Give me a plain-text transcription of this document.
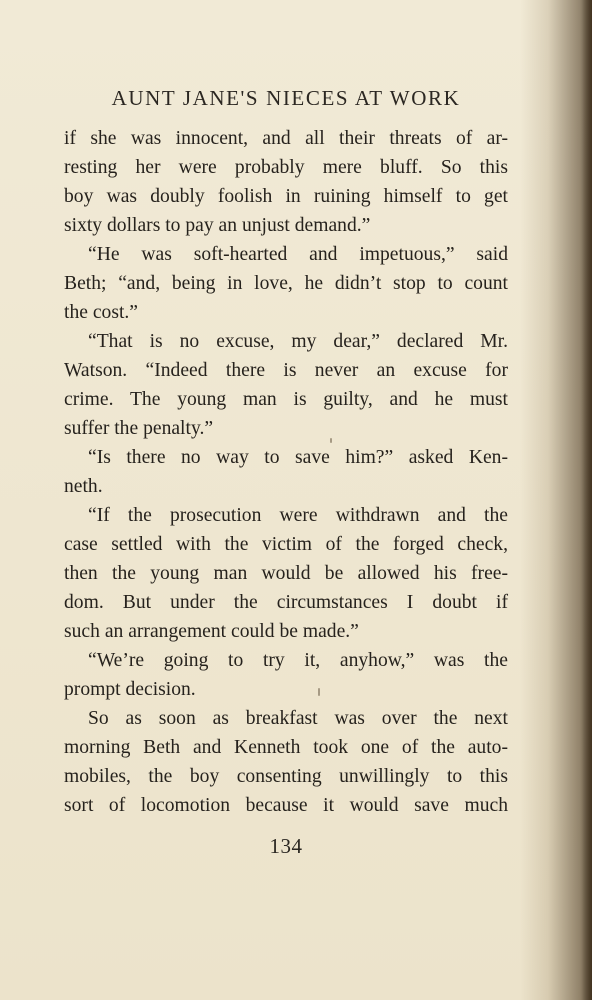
AUNT JANE'S NIECES AT WORK
if she was innocent, and all their threats of ar-
resting her were probably mere bluff. So this
boy was doubly foolish in ruining himself to get
sixty dollars to pay an unjust demand.”
“He was soft-hearted and impetuous,” said
Beth; “and, being in love, he didn’t stop to count
the cost.”
“That is no excuse, my dear,” declared Mr.
Watson. “Indeed there is never an excuse for
crime. The young man is guilty, and he must
suffer the penalty.”
“Is there no way to save him?” asked Ken-
neth.
“If the prosecution were withdrawn and the
case settled with the victim of the forged check,
then the young man would be allowed his free-
dom. But under the circumstances I doubt if
such an arrangement could be made.”
“We’re going to try it, anyhow,” was the
prompt decision.
So as soon as breakfast was over the next
morning Beth and Kenneth took one of the auto-
mobiles, the boy consenting unwillingly to this
sort of locomotion because it would save much
134
